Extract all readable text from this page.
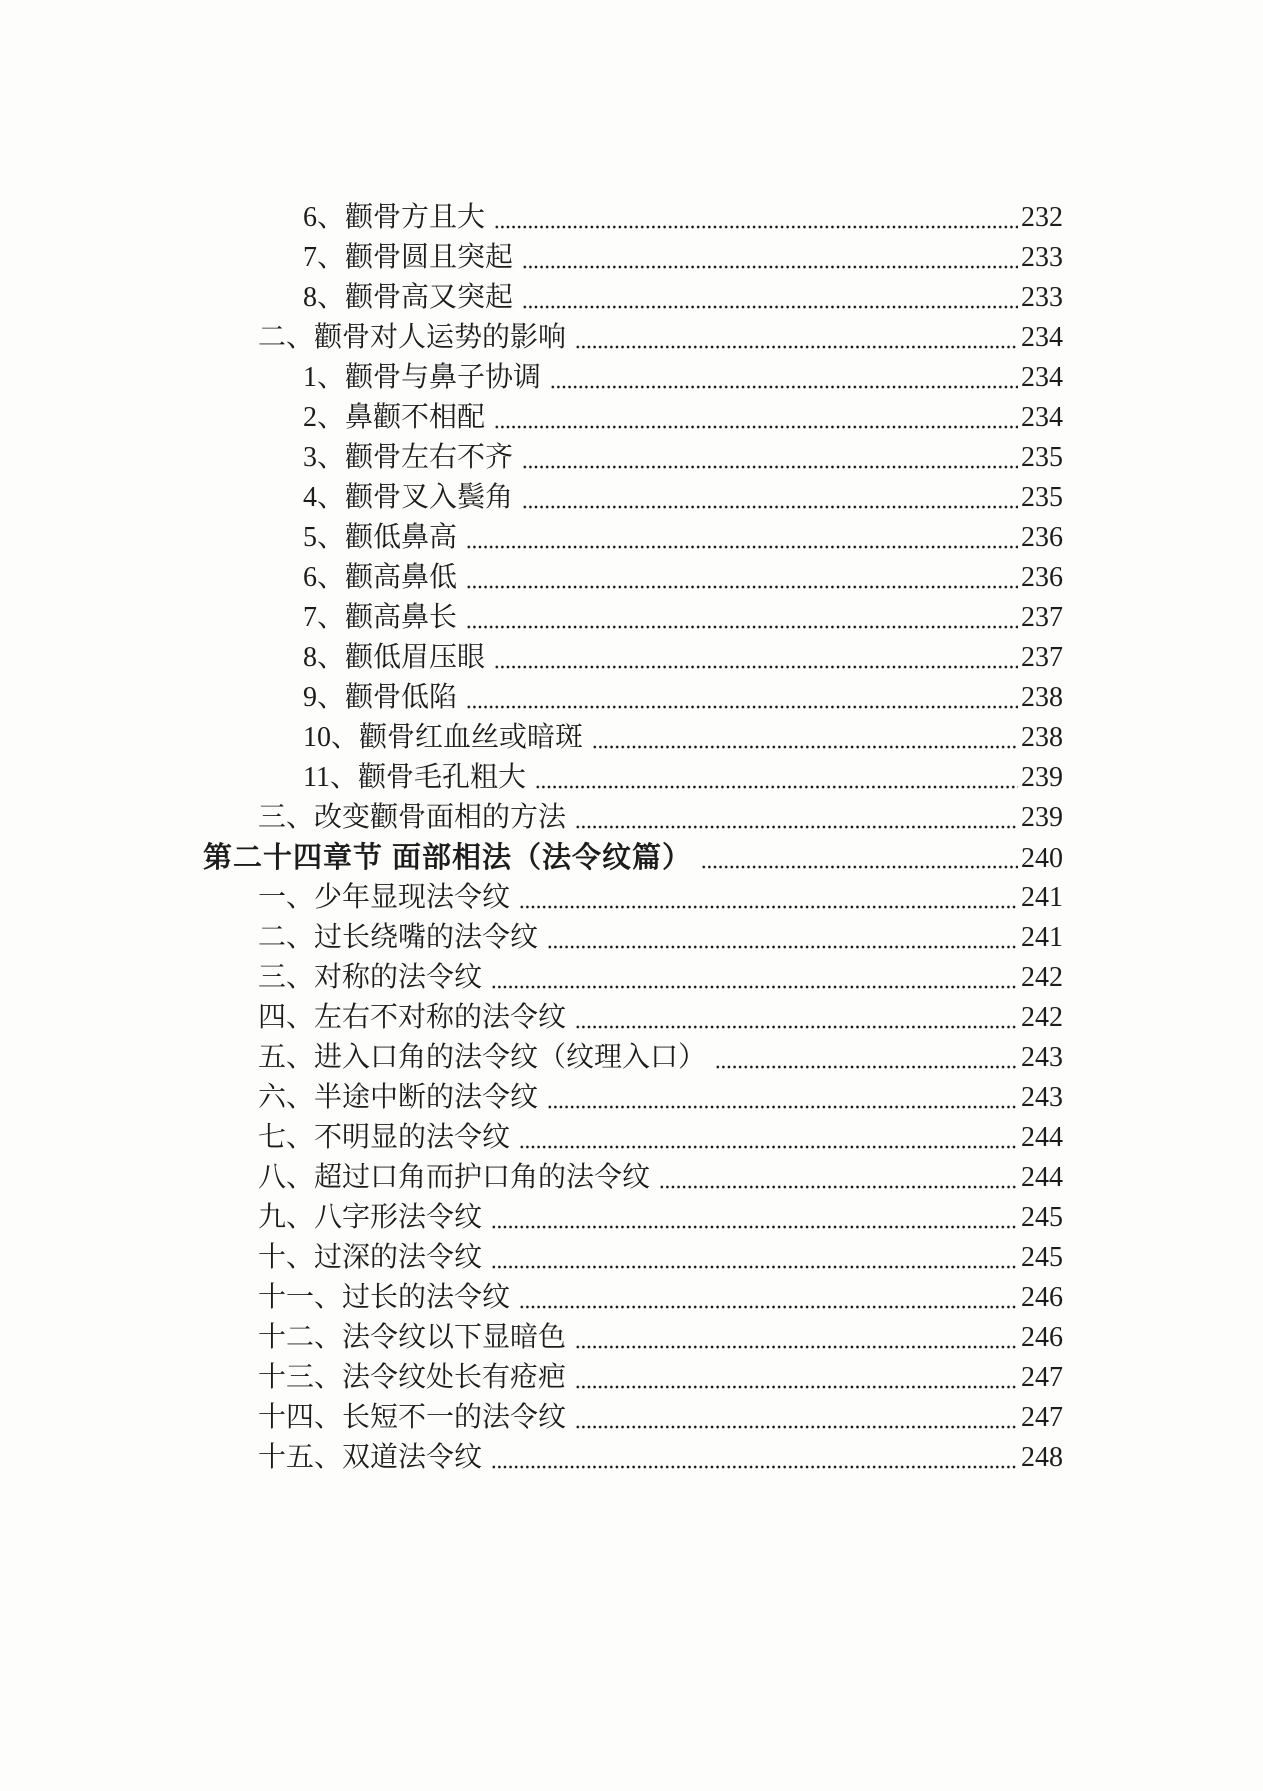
6、颧骨方且大	232
7、颧骨圆且突起	233
8、颧骨高又突起	233
二、颧骨对人运势的影响	234
1、颧骨与鼻子协调	234
2、鼻颧不相配	234
3、颧骨左右不齐	235
4、颧骨叉入鬓角	235
5、颧低鼻高	236
6、颧高鼻低	236
7、颧高鼻长	237
8、颧低眉压眼	237
9、颧骨低陷	238
10、颧骨红血丝或暗斑	238
11、颧骨毛孔粗大	239
三、改变颧骨面相的方法	239
第二十四章节 面部相法（法令纹篇）	240
一、少年显现法令纹	241
二、过长绕嘴的法令纹	241
三、对称的法令纹	242
四、左右不对称的法令纹	242
五、进入口角的法令纹（纹理入口）	243
六、半途中断的法令纹	243
七、不明显的法令纹	244
八、超过口角而护口角的法令纹	244
九、八字形法令纹	245
十、过深的法令纹	245
十一、过长的法令纹	246
十二、法令纹以下显暗色	246
十三、法令纹处长有疮疤	247
十四、长短不一的法令纹	247
十五、双道法令纹	248
